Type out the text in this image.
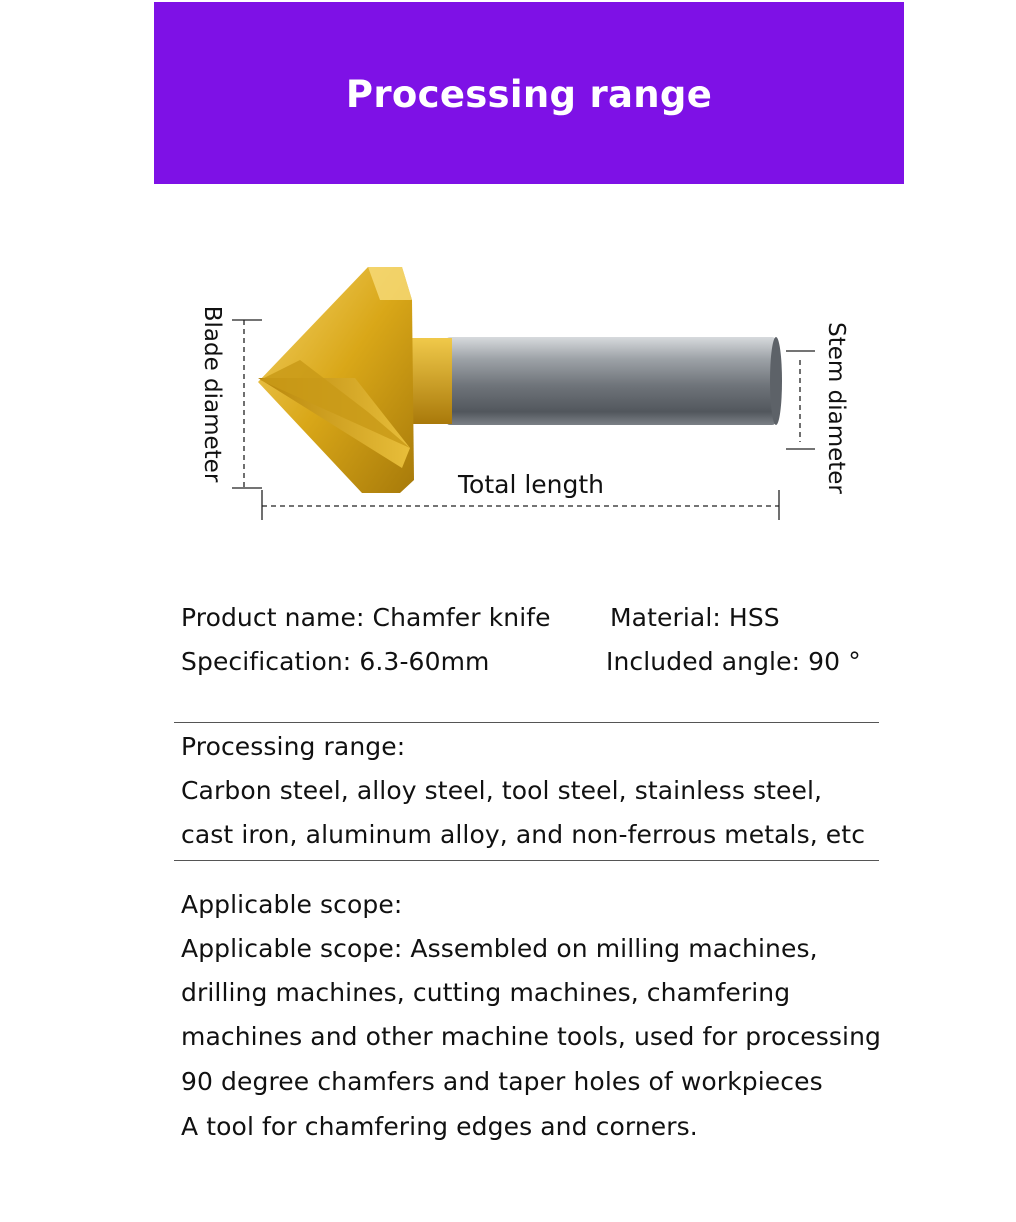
Processing range
Blade diameter	Stem diameter
Total length
Product name: Chamfer knife Material: HSS
Specification: 6.3-60mm	Included angle: 90 °
Processing range:
Carbon steel, alloy steel, tool steel, stainless steel,
cast iron, aluminum alloy, and non-ferrous metals, etc
Applicable scope:
Applicable scope: Assembled on milling machines,
drilling machines, cutting machines, chamfering
machines and other machine tools, used for processing
90 degree chamfers and taper holes of workpieces
A tool for chamfering edges and corners.
